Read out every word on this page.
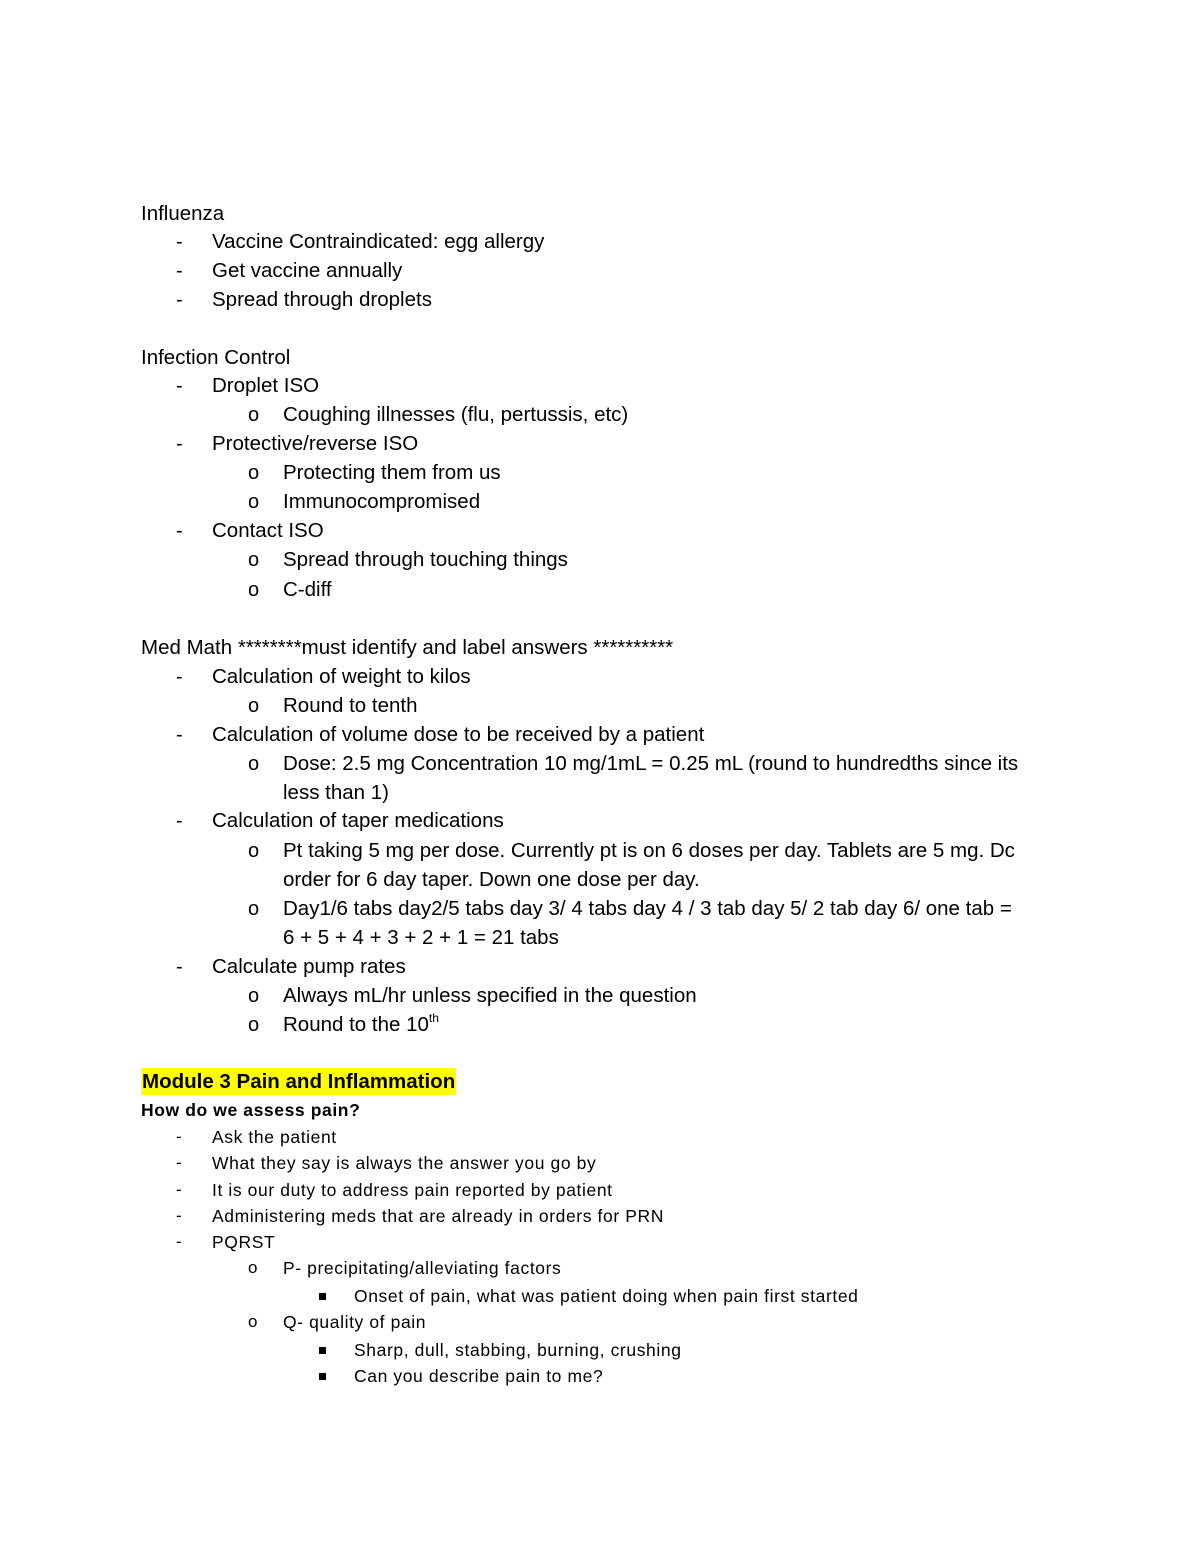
Influenza
- Vaccine Contraindicated: egg allergy
- Get vaccine annually
- Spread through droplets
Infection Control
- Droplet ISO
o Coughing illnesses (flu, pertussis, etc)
- Protective/reverse ISO
o Protecting them from us
o Immunocompromised
- Contact ISO
o Spread through touching things
o C-diff
Med Math ********must identify and label answers **********
- Calculation of weight to kilos
o Round to tenth
- Calculation of volume dose to be received by a patient
o Dose: 2.5 mg Concentration 10 mg/1mL = 0.25 mL (round to hundredths since its
less than 1)
- Calculation of taper medications
o Pt taking 5 mg per dose. Currently pt is on 6 doses per day. Tablets are 5 mg. Dc
order for 6 day taper. Down one dose per day.
o Day1/6 tabs day2/5 tabs day 3/ 4 tabs day 4 / 3 tab day 5/ 2 tab day 6/ one tab =
6 + 5 + 4 + 3 + 2 + 1 = 21 tabs
- Calculate pump rates
o Always mL/hr unless specified in the question
o Round to the 10th
Module 3 Pain and Inflammation
How do we assess pain?
- Ask the patient
- What they say is always the answer you go by
- It is our duty to address pain reported by patient
- Administering meds that are already in orders for PRN
- PQRST
o P- precipitating/alleviating factors
Onset of pain, what was patient doing when pain first started
o Q- quality of pain
Sharp, dull, stabbing, burning, crushing
Can you describe pain to me?
